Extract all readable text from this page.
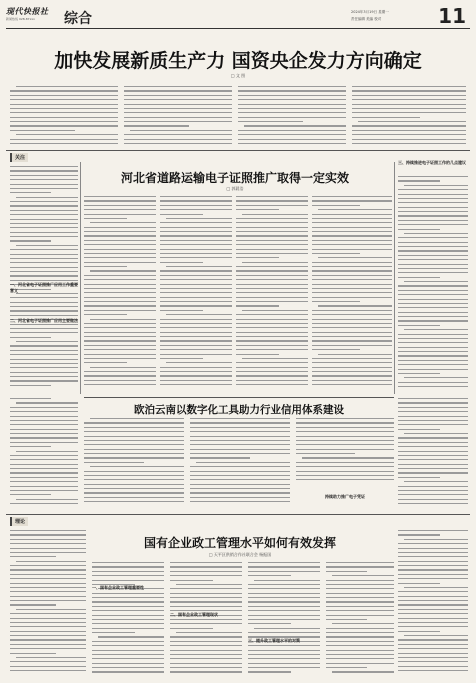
现代快报社
新闻热线 028-87xxx 综合	2024年3月19日 星期一
责任编辑 美编 校对	11
加快发展新质生产力 国资央企发力方向确定
□ 文 图
关注
河北省道路运输电子证照推广取得一定实效
□ 郭晨浩
一、河北省电子证照推广应用工作重要意义
二、河北省电子证照推广应用主要做法
三、持续推进电子证照工作的几点建议
欧泊云南以数字化工具助力行业信用体系建设
持续助力推广电子凭证
理论
国有企业政工管理水平如何有效发挥
□ 天平区供销合作社联合会 杨振国
一、国有企业政工管理重要性
二、国有企业政工管理现状
三、提升政工管理水平的对策
